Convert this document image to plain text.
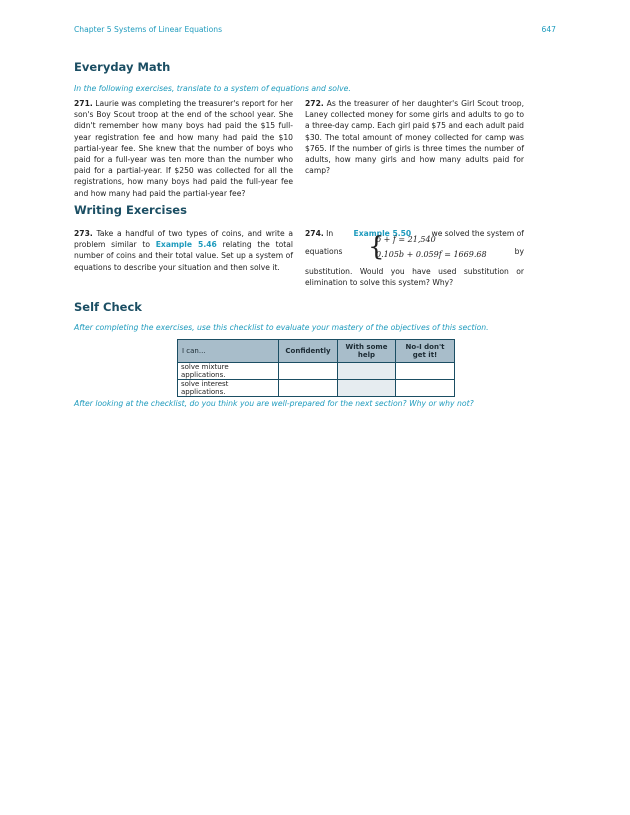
Chapter 5 Systems of Linear Equations	647
Everyday Math

In the following exercises, translate to a system of equations and solve.

271. Laurie was completing the treasurer's report for her son's Boy Scout troop at the end of the school year. She didn't remember how many boys had paid the $15 full-year registration fee and how many had paid the $10 partial-year fee. She knew that the number of boys who paid for a full-year was ten more than the number who paid for a partial-year. If $250 was collected for all the registrations, how many boys had paid the full-year fee and how many had paid the partial-year fee?

272. As the treasurer of her daughter's Girl Scout troop, Laney collected money for some girls and adults to go to a three-day camp. Each girl paid $75 and each adult paid $30. The total amount of money collected for camp was $765. If the number of girls is three times the number of adults, how many girls and how many adults paid for camp?

Writing Exercises

273. Take a handful of two types of coins, and write a problem similar to Example 5.46 relating the total number of coins and their total value. Set up a system of equations to describe your situation and then solve it.

274. In	Example 5.50	we solved the system of
equations	by

substitution. Would you have used substitution or elimination to solve this system? Why?

{
b + f = 21,540
0.105b + 0.059f = 1669.68
Self Check

After completing the exercises, use this checklist to evaluate your mastery of the objectives of this section.

I can...	Confidently	With some help	No-I don't get it!
solve mixture applications.			
solve interest applications.			

After looking at the checklist, do you think you are well-prepared for the next section? Why or why not?
